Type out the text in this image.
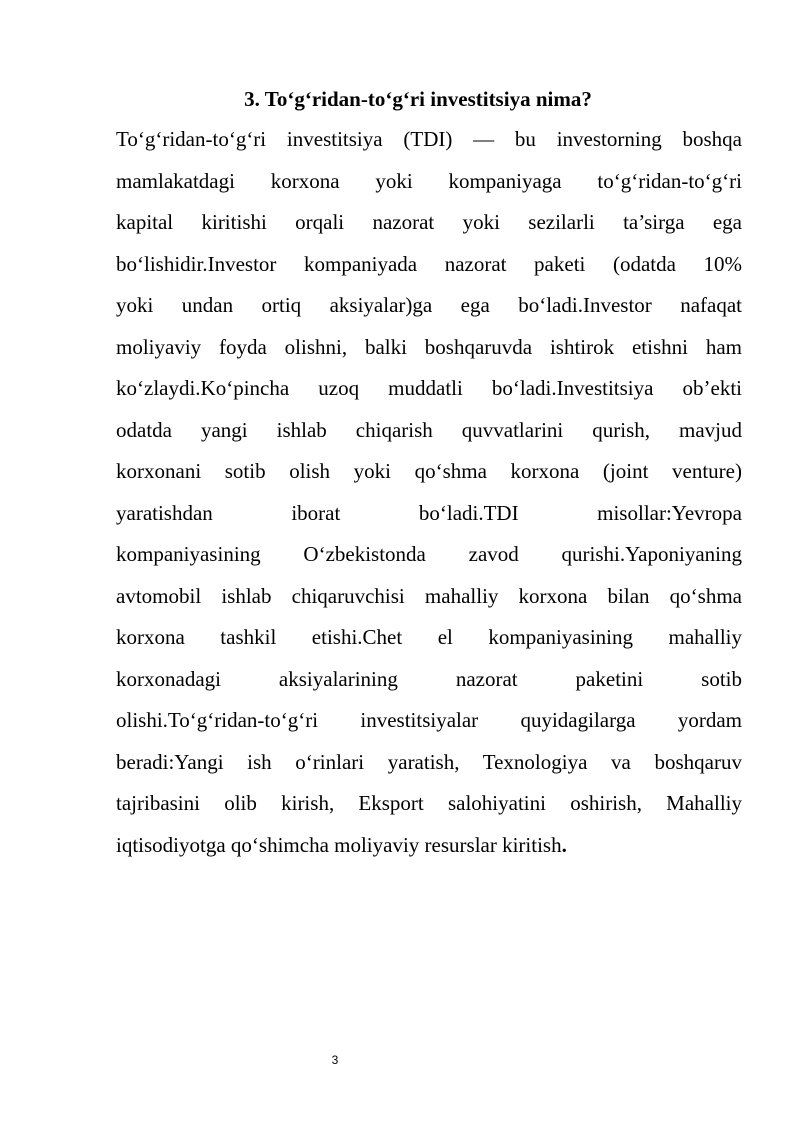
3. To‘g‘ridan-to‘g‘ri investitsiya nima?
To‘g‘ridan-to‘g‘ri investitsiya (TDI) — bu investorning boshqa
mamlakatdagi korxona yoki kompaniyaga to‘g‘ridan-to‘g‘ri
kapital kiritishi orqali nazorat yoki sezilarli ta’sirga ega
bo‘lishidir.Investor kompaniyada nazorat paketi (odatda 10%
yoki undan ortiq aksiyalar)ga ega bo‘ladi.Investor nafaqat
moliyaviy foyda olishni, balki boshqaruvda ishtirok etishni ham
ko‘zlaydi.Ko‘pincha uzoq muddatli bo‘ladi.Investitsiya ob’ekti
odatda yangi ishlab chiqarish quvvatlarini qurish, mavjud
korxonani sotib olish yoki qo‘shma korxona (joint venture)
yaratishdan iborat bo‘ladi.TDI misollar:Yevropa
kompaniyasining O‘zbekistonda zavod qurishi.Yaponiyaning
avtomobil ishlab chiqaruvchisi mahalliy korxona bilan qo‘shma
korxona tashkil etishi.Chet el kompaniyasining mahalliy
korxonadagi aksiyalarining nazorat paketini sotib
olishi.To‘g‘ridan-to‘g‘ri investitsiyalar quyidagilarga yordam
beradi:Yangi ish o‘rinlari yaratish, Texnologiya va boshqaruv
tajribasini olib kirish, Eksport salohiyatini oshirish, Mahalliy
iqtisodiyotga qo‘shimcha moliyaviy resurslar kiritish.
3
